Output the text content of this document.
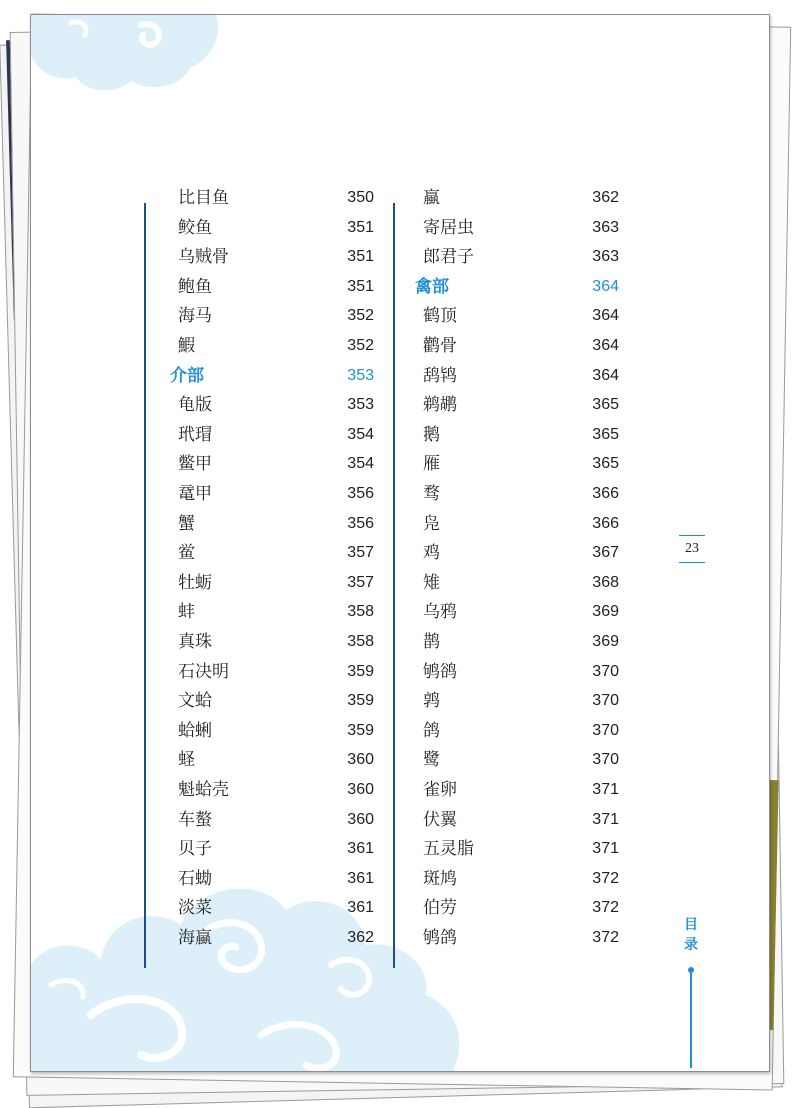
比目鱼	350
鲛鱼	351
乌贼骨	351
鲍鱼	351
海马	352
鰕	352
介部	353
龟版	353
玳瑁	354
鳖甲	354
鼋甲	356
蟹	356
鲎	357
牡蛎	357
蚌	358
真珠	358
石决明	359
文蛤	359
蛤蜊	359
蛏	360
魁蛤壳	360
车螯	360
贝子	361
石蜐	361
淡菜	361
海蠃	362
蠃	362
寄居虫	363
郎君子	363
禽部	364
鹤顶	364
鹳骨	364
鸹鸨	364
鹈鹕	365
鹅	365
雁	365
骛	366
凫	366
鸡	367
雉	368
乌鸦	369
鹊	369
鸲鹆	370
鹑	370
鸽	370
鹭	370
雀卵	371
伏翼	371
五灵脂	371
斑鸠	372
伯劳	372
鸲鸽	372
23
目
录
